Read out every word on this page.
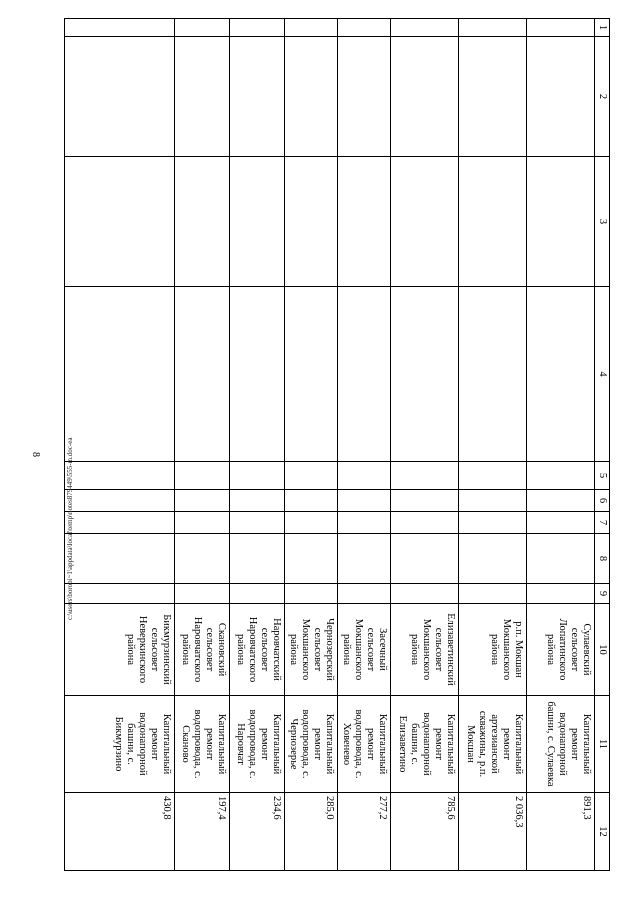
8
1	2	3	4	5	6	7	8	9	10	11	12
									Сулаевский сельсовет Лопатинского района	Капитальный ремонт водонапорной башни, с. Сулаевка	891,3
									р.п. Мокшан Мокшанского района	Капитальный ремонт артезианской скважины, р.п. Мокшан	2 036,3
									Елизаветинский сельсовет Мокшанского района	Капитальный ремонт водонапорной башни, с. Елизаветино	785,6
									Засечный сельсовет Мокшанского района	Капитальный ремонт водопровода, с. Ховенево	277,2
									Чернозерский сельсовет Мокшанского района	Капитальный ремонт водопровода, с. Чернозерье	285,0
									Наровчатский сельсовет Наровчатского района	Капитальный ремонт водопровода, с. Наровчат	234,6
									Скановский сельсовет Наровчатского района	Капитальный ремонт водопровода, с. Сканово	197,4
									Бикмурзинский сельсовет Неверкинского района	Капитальный ремонт водонапорной башни, с. Бикмурзино	430,8
c:\users\borobi~1\appdata\local\temp\notes879449\555-m.doc-ea
